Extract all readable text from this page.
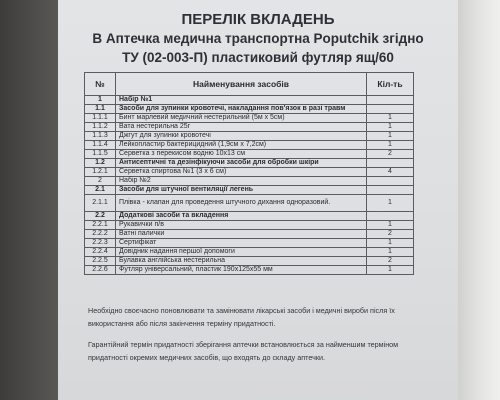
ПЕРЕЛІК ВКЛАДЕНЬ
В Аптечка медична транспортна Poputchik згідно
ТУ (02-003-П) пластиковий футляр ящ/60
№	Найменування засобів	Кіл-ть
1	Набір №1	
1.1	Засоби для зупинки кровотечі, накладання пов'язок в разі травм	
1.1.1	Бинт марлевий медичний нестерильний (5м х 5см)	1
1.1.2	Вата нестерильна 25г	1
1.1.3	Джгут для зупинки кровотечі	1
1.1.4	Лейкопластир бактерицидний (1,9см х 7,2см)	1
1.1.5	Серветка з перекисом водню 10х13 см	2
1.2	Антисептичні та дезінфікуючи засоби для обробки шкіри	
1.2.1	Серветка спиртова №1 (3 х 6 см)	4
2	Набір №2	
2.1	Засоби для штучної вентиляції легень	
2.1.1	Плівка - клапан для проведення штучного дихання одноразовий.	1
2.2	Додаткові засоби та вкладення	
2.2.1	Рукавички п/в	1
2.2.2	Ватні палички	2
2.2.3	Сертифікат	1
2.2.4	Довідник надання першої допомоги	1
2.2.5	Булавка англійська нестерильна	2
2.2.6	Футляр універсальний, пластик 190х125х55 мм	1

Необхідно своєчасно поновлювати та замінювати лікарські засоби і медичні вироби після їх використання або після закінчення терміну придатності.

Гарантійний термін придатності зберігання аптечки встановлюється за найменшим терміном придатності окремих медичних засобів, що входять до складу аптечки.
